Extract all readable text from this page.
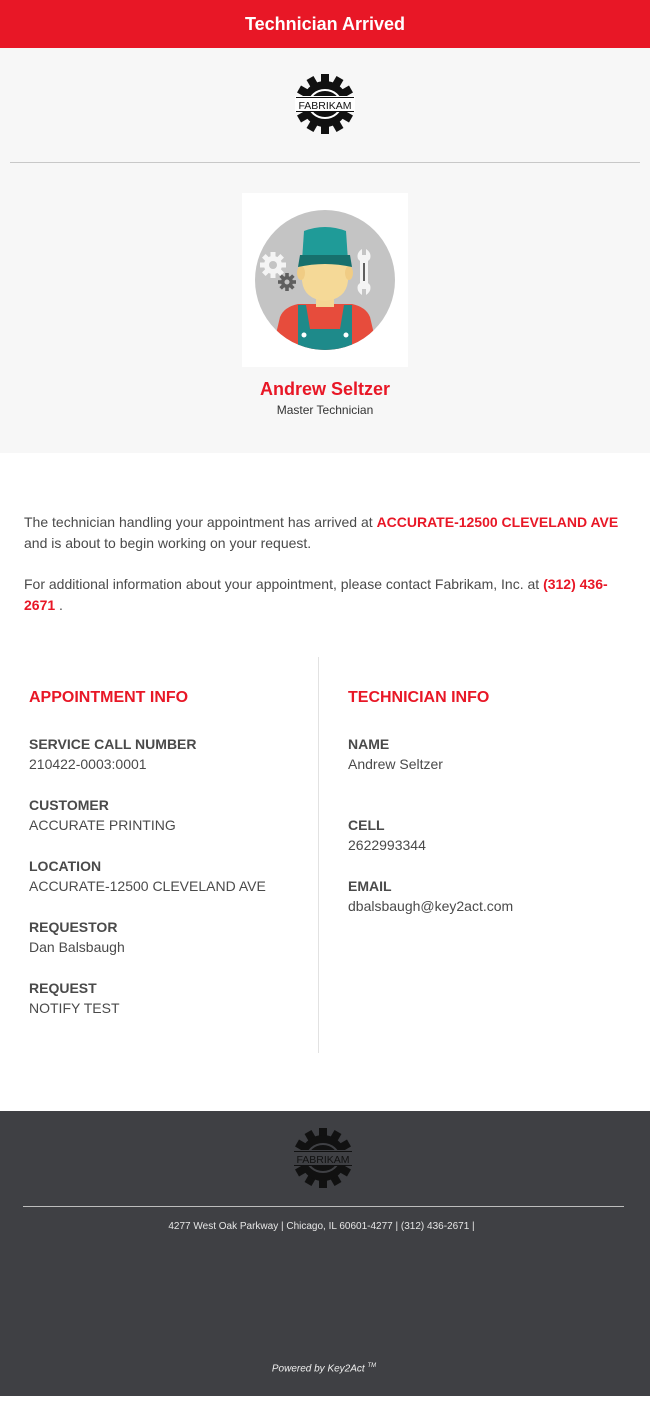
Technician Arrived
FABRIKAM
Andrew Seltzer
Master Technician

The technician handling your appointment has arrived at ACCURATE-12500 CLEVELAND AVE and is about to begin working on your request.

For additional information about your appointment, please contact Fabrikam, Inc. at (312) 436-2671 .

APPOINTMENT INFO
SERVICE CALL NUMBER
210422-0003:0001
CUSTOMER
ACCURATE PRINTING
LOCATION
ACCURATE-12500 CLEVELAND AVE
REQUESTOR
Dan Balsbaugh
REQUEST
NOTIFY TEST
TECHNICIAN INFO
NAME
Andrew Seltzer
CELL
2622993344
EMAIL
dbalsbaugh@key2act.com
FABRIKAM
4277 West Oak Parkway | Chicago, IL 60601-4277 | (312) 436-2671 |
Powered by Key2Act ™
